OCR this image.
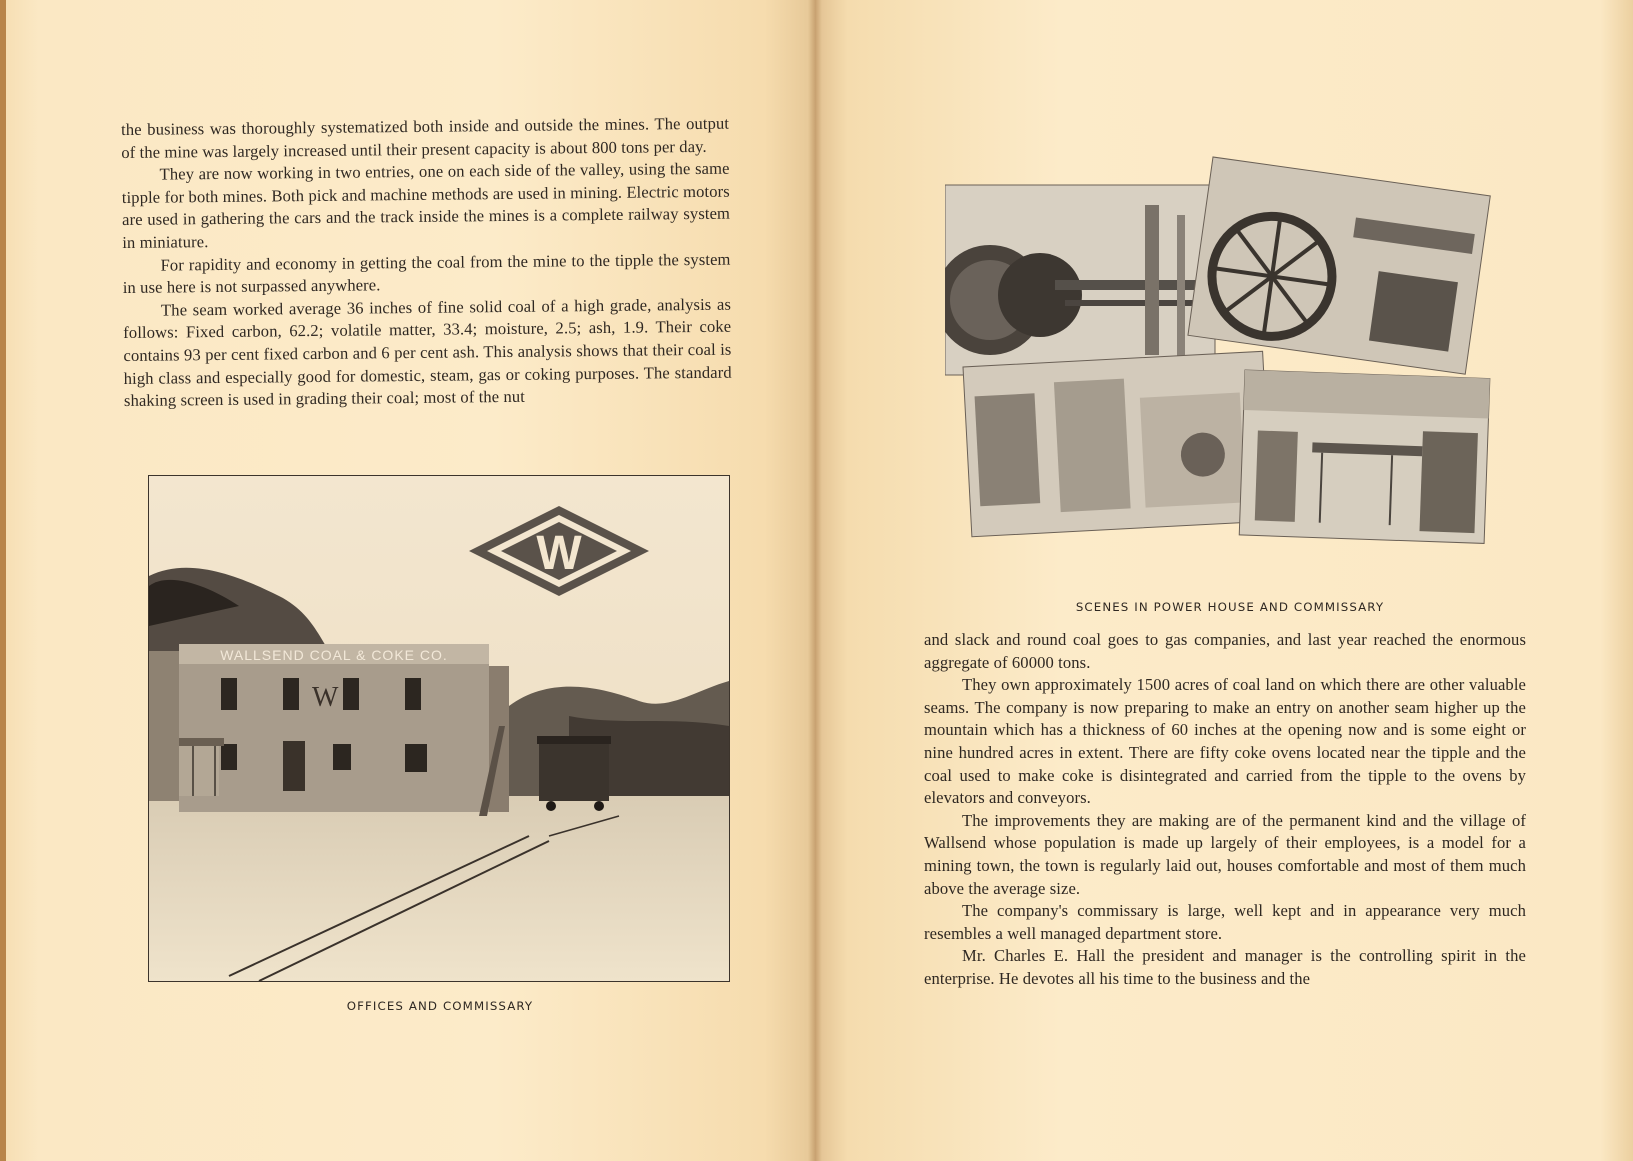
the business was thoroughly systematized both inside and outside the mines. The output of the mine was largely increased until their present capacity is about 800 tons per day.

They are now working in two entries, one on each side of the valley, using the same tipple for both mines. Both pick and machine methods are used in mining. Electric motors are used in gathering the cars and the track inside the mines is a complete railway system in miniature.

For rapidity and economy in getting the coal from the mine to the tipple the system in use here is not surpassed anywhere.

The seam worked average 36 inches of fine solid coal of a high grade, analysis as follows: Fixed carbon, 62.2; volatile matter, 33.4; moisture, 2.5; ash, 1.9. Their coke contains 93 per cent fixed carbon and 6 per cent ash. This analysis shows that their coal is high class and especially good for domestic, steam, gas or coking purposes. The standard shaking screen is used in grading their coal; most of the nut

WALLSEND COAL & COKE CO.
W
W
OFFICES AND COMMISSARY
SCENES IN POWER HOUSE AND COMMISSARY

and slack and round coal goes to gas companies, and last year reached the enormous aggregate of 60000 tons.

They own approximately 1500 acres of coal land on which there are other valuable seams. The company is now preparing to make an entry on another seam higher up the mountain which has a thickness of 60 inches at the opening now and is some eight or nine hundred acres in extent. There are fifty coke ovens located near the tipple and the coal used to make coke is disintegrated and carried from the tipple to the ovens by elevators and conveyors.

The improvements they are making are of the permanent kind and the village of Wallsend whose population is made up largely of their employees, is a model for a mining town, the town is regularly laid out, houses comfortable and most of them much above the average size.

The company's commissary is large, well kept and in appearance very much resembles a well managed department store.

Mr. Charles E. Hall the president and manager is the controlling spirit in the enterprise. He devotes all his time to the business and the
